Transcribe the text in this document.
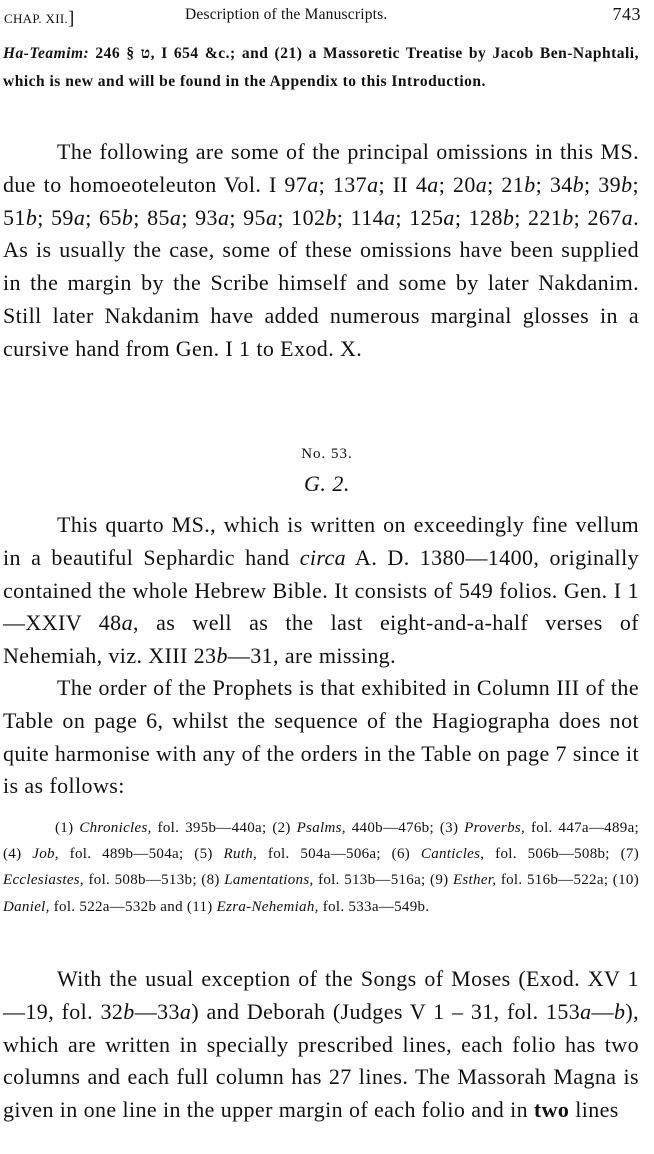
CHAP. XII.]	Description of the Manuscripts.	743
Ha-Teamim: ט § 246, I 654 &c.; and (21) a Massoretic Treatise by Jacob Ben-Naphtali, which is new and will be found in the Appendix to this Introduction.

The following are some of the principal omissions in this MS. due to homoeoteleuton Vol. I 97a; 137a; II 4a; 20a; 21b; 34b; 39b; 51b; 59a; 65b; 85a; 93a; 95a; 102b; 114a; 125a; 128b; 221b; 267a. As is usually the case, some of these omissions have been supplied in the margin by the Scribe himself and some by later Nakdanim. Still later Nakdanim have added numerous marginal glosses in a cursive hand from Gen. I 1 to Exod. X.

No. 53.
G. 2.

This quarto MS., which is written on exceedingly fine vellum in a beautiful Sephardic hand circa A. D. 1380—1400, originally contained the whole Hebrew Bible. It consists of 549 folios. Gen. I 1—XXIV 48a, as well as the last eight-and-a-half verses of Nehemiah, viz. XIII 23b—31, are missing.

The order of the Prophets is that exhibited in Column III of the Table on page 6, whilst the sequence of the Hagiographa does not quite harmonise with any of the orders in the Table on page 7 since it is as follows:

(1) Chronicles, fol. 395b—440a; (2) Psalms, 440b—476b; (3) Proverbs, fol. 447a—489a; (4) Job, fol. 489b—504a; (5) Ruth, fol. 504a—506a; (6) Canticles, fol. 506b—508b; (7) Ecclesiastes, fol. 508b—513b; (8) Lamentations, fol. 513b—516a; (9) Esther, fol. 516b—522a; (10) Daniel, fol. 522a—532b and (11) Ezra-Nehemiah, fol. 533a—549b.

With the usual exception of the Songs of Moses (Exod. XV 1—19, fol. 32b—33a) and Deborah (Judges V 1 – 31, fol. 153a—b), which are written in specially prescribed lines, each folio has two columns and each full column has 27 lines. The Massorah Magna is given in one line in the upper margin of each folio and in two lines
